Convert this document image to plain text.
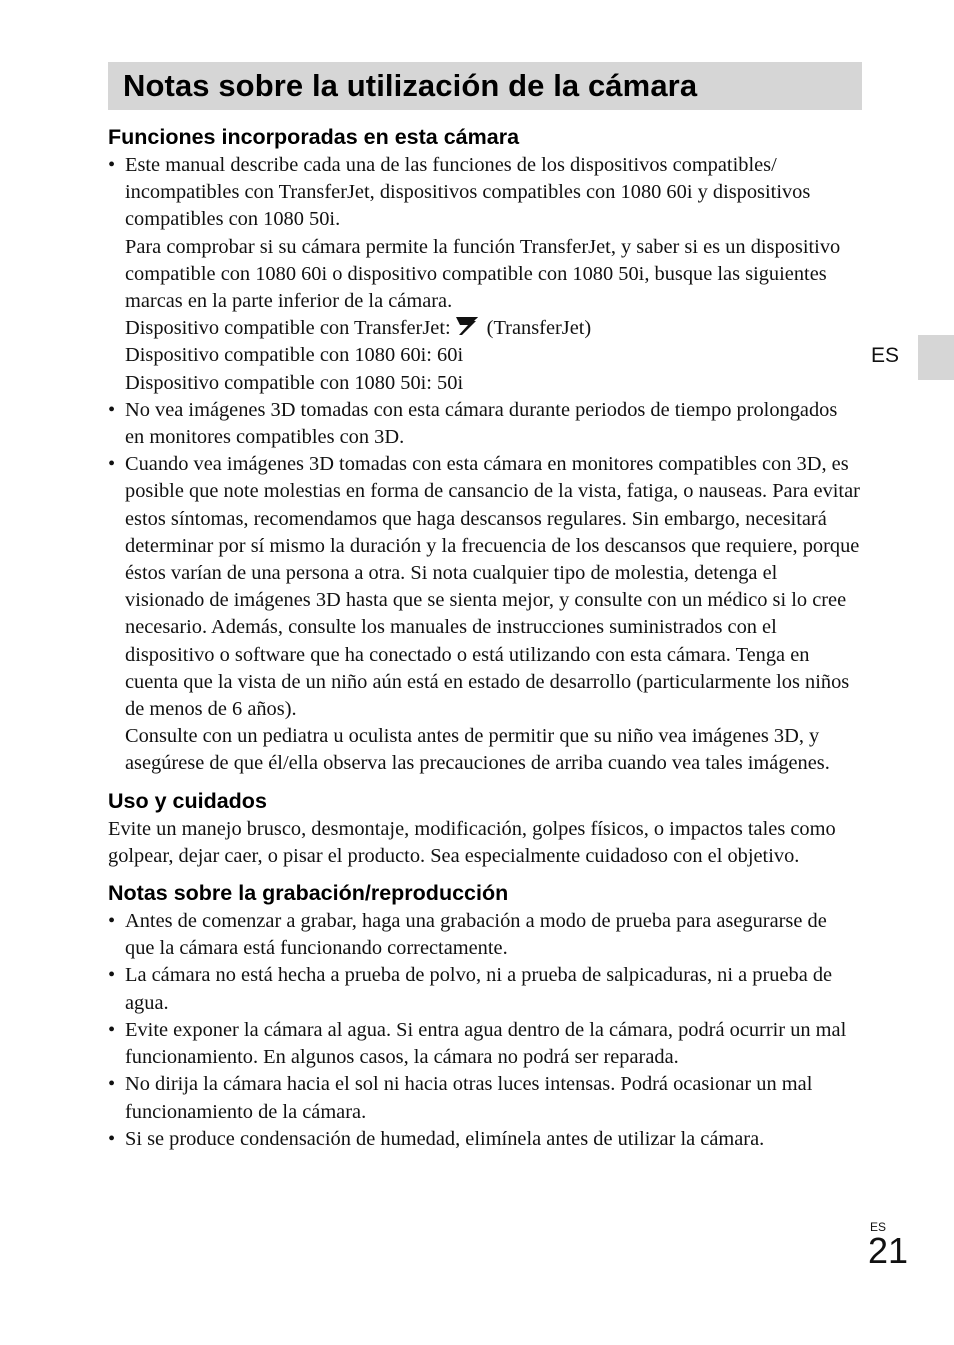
Notas sobre la utilización de la cámara
Funciones incorporadas en esta cámara
• Este manual describe cada una de las funciones de los dispositivos compatibles/ incompatibles con TransferJet, dispositivos compatibles con 1080 60i y dispositivos compatibles con 1080 50i.

Para comprobar si su cámara permite la función TransferJet, y saber si es un dispositivo compatible con 1080 60i o dispositivo compatible con 1080 50i, busque las siguientes marcas en la parte inferior de la cámara.

Dispositivo compatible con TransferJet: (TransferJet)
Dispositivo compatible con 1080 60i: 60i
Dispositivo compatible con 1080 50i: 50i
• No vea imágenes 3D tomadas con esta cámara durante periodos de tiempo prolongados en monitores compatibles con 3D.

• Cuando vea imágenes 3D tomadas con esta cámara en monitores compatibles con 3D, es posible que note molestias en forma de cansancio de la vista, fatiga, o nauseas. Para evitar estos síntomas, recomendamos que haga descansos regulares. Sin embargo, necesitará determinar por sí mismo la duración y la frecuencia de los descansos que requiere, porque éstos varían de una persona a otra. Si nota cualquier tipo de molestia, detenga el visionado de imágenes 3D hasta que se sienta mejor, y consulte con un médico si lo cree necesario. Además, consulte los manuales de instrucciones suministrados con el dispositivo o software que ha conectado o está utilizando con esta cámara. Tenga en cuenta que la vista de un niño aún está en estado de desarrollo (particularmente los niños de menos de 6 años).

Consulte con un pediatra u oculista antes de permitir que su niño vea imágenes 3D, y asegúrese de que él/ella observa las precauciones de arriba cuando vea tales imágenes.

Uso y cuidados

Evite un manejo brusco, desmontaje, modificación, golpes físicos, o impactos tales como golpear, dejar caer, o pisar el producto. Sea especialmente cuidadoso con el objetivo.

Notas sobre la grabación/reproducción
• Antes de comenzar a grabar, haga una grabación a modo de prueba para asegurarse de que la cámara está funcionando correctamente.
• La cámara no está hecha a prueba de polvo, ni a prueba de salpicaduras, ni a prueba de agua.
• Evite exponer la cámara al agua. Si entra agua dentro de la cámara, podrá ocurrir un mal funcionamiento. En algunos casos, la cámara no podrá ser reparada.
• No dirija la cámara hacia el sol ni hacia otras luces intensas. Podrá ocasionar un mal funcionamiento de la cámara.
• Si se produce condensación de humedad, elimínela antes de utilizar la cámara.
ES
ES
21
